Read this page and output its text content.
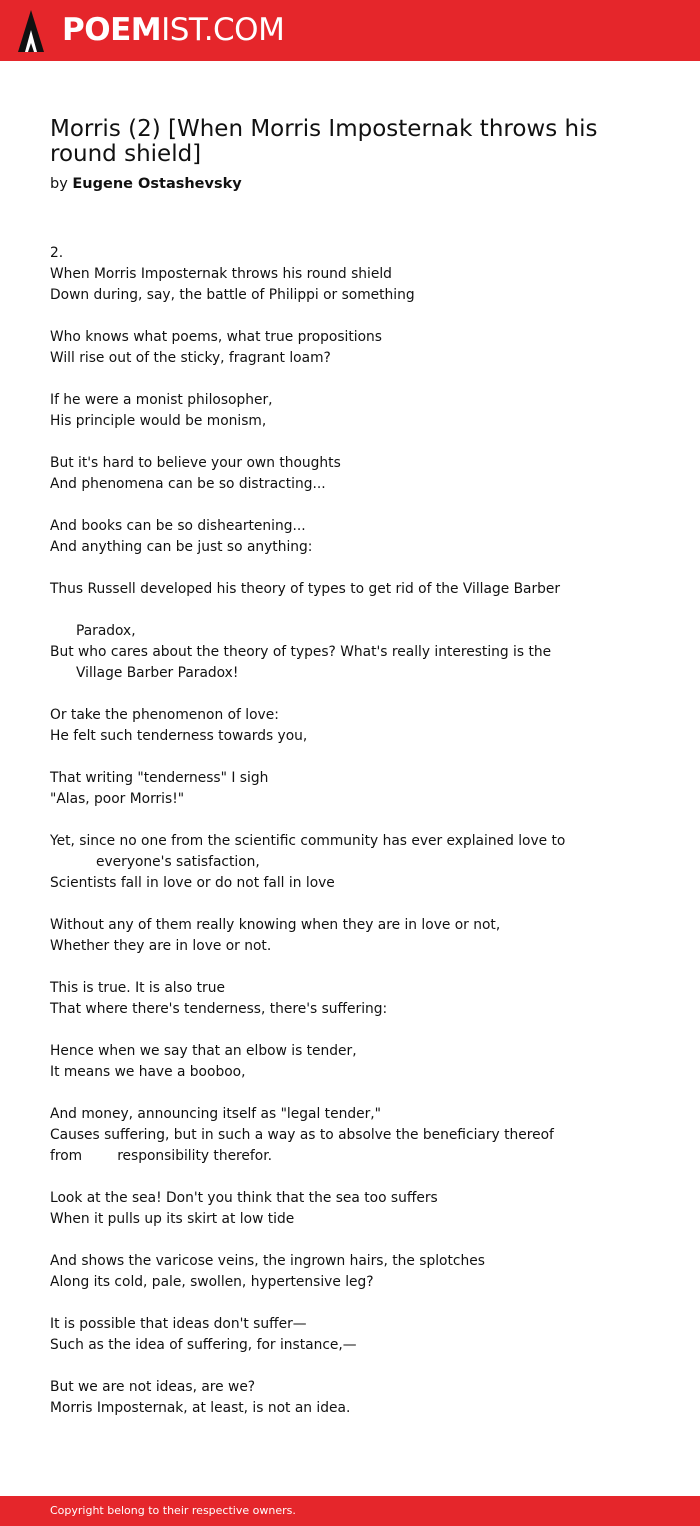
POEMIST.COM
Morris (2) [When Morris Imposternak throws his round shield]
by Eugene Ostashevsky
2.
When Morris Imposternak throws his round shield
Down during, say, the battle of Philippi or something
Who knows what poems, what true propositions
Will rise out of the sticky, fragrant loam?
If he were a monist philosopher,
His principle would be monism,
But it's hard to believe your own thoughts
And phenomena can be so distracting...
And books can be so disheartening...
And anything can be just so anything:
Thus Russell developed his theory of types to get rid of the Village Barber
Paradox,
But who cares about the theory of types? What's really interesting is the
Village Barber Paradox!
Or take the phenomenon of love:
He felt such tenderness towards you,
That writing "tenderness" I sigh
"Alas, poor Morris!"
Yet, since no one from the scientific community has ever explained love to
everyone's satisfaction,
Scientists fall in love or do not fall in love
Without any of them really knowing when they are in love or not,
Whether they are in love or not.
This is true. It is also true
That where there's tenderness, there's suffering:
Hence when we say that an elbow is tender,
It means we have a booboo,
And money, announcing itself as "legal tender,"
Causes suffering, but in such a way as to absolve the beneficiary thereof
from        responsibility therefor.
Look at the sea! Don't you think that the sea too suffers
When it pulls up its skirt at low tide
And shows the varicose veins, the ingrown hairs, the splotches
Along its cold, pale, swollen, hypertensive leg?
It is possible that ideas don't suffer—
Such as the idea of suffering, for instance,—
But we are not ideas, are we?
Morris Imposternak, at least, is not an idea.
Copyright belong to their respective owners.
